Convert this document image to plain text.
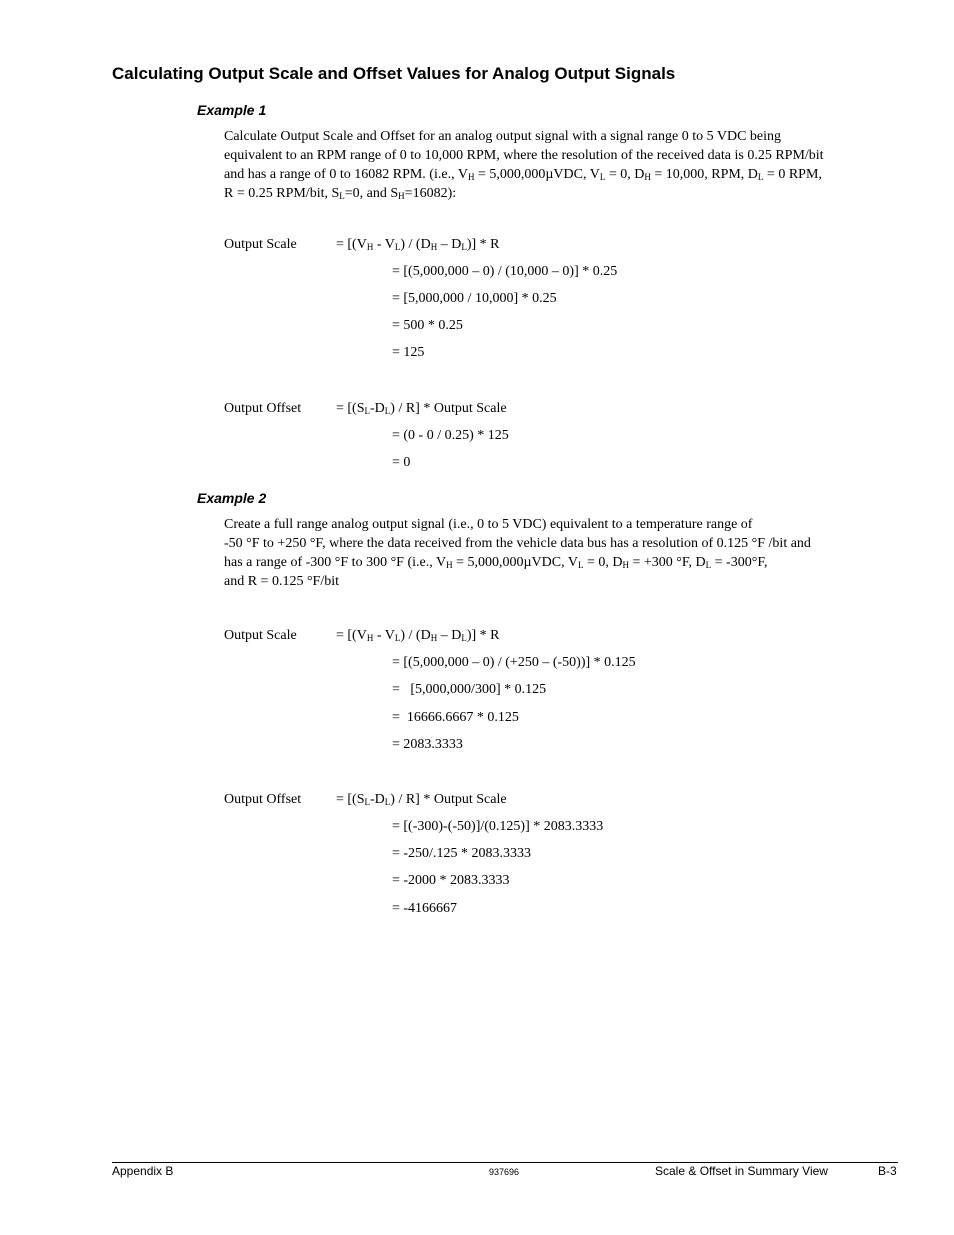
Calculating Output Scale and Offset Values for Analog Output Signals
Example 1
Calculate Output Scale and Offset for an analog output signal with a signal range 0 to 5 VDC being
equivalent to an RPM range of 0 to 10,000 RPM, where the resolution of the received data is 0.25 RPM/bit
and has a range of 0 to 16082 RPM. (i.e., $V_H = 5,000,000\mu VDC$, $V_L = 0$, $D_H = 10,000$, RPM, $D_L = 0$ RPM,
R = 0.25 RPM/bit, $S_L=0$, and $S_H=16082$):
Output Scale	= $[(V_H - V_L) / (D_H - D_L)]$ * R
= [(5,000,000 – 0) / (10,000 – 0)] * 0.25
= [5,000,000 / 10,000] * 0.25
= 500 * 0.25
= 125
Output Offset = $[(S_L-D_L) / R]$ * Output Scale
= (0 - 0 / 0.25) * 125
= 0
Example 2
Create a full range analog output signal (i.e., 0 to 5 VDC) equivalent to a temperature range of
-50 °F to +250 °F, where the data received from the vehicle data bus has a resolution of 0.125 °F /bit and
has a range of -300 °F to 300 °F (i.e., $V_H = 5,000,000\mu VDC$, $V_L = 0$, $D_H = +300$ °F, $D_L = -300^\circ F$,
and R = 0.125 °F/bit
Output Scale	= $[(V_H - V_L) / (D_H - D_L)]$ * R
= [(5,000,000 – 0) / (+250 – (-50))] * 0.125
=   [5,000,000/300] * 0.125
=  16666.6667 * 0.125
= 2083.3333
Output Offset = $[(S_L-D_L) / R]$ * Output Scale
= [(-300)-(-50)]/(0.125)] * 2083.3333
= -250/.125 * 2083.3333
= -2000 * 2083.3333
= -4166667
Appendix B	937696	Scale & Offset in Summary View	B-3
